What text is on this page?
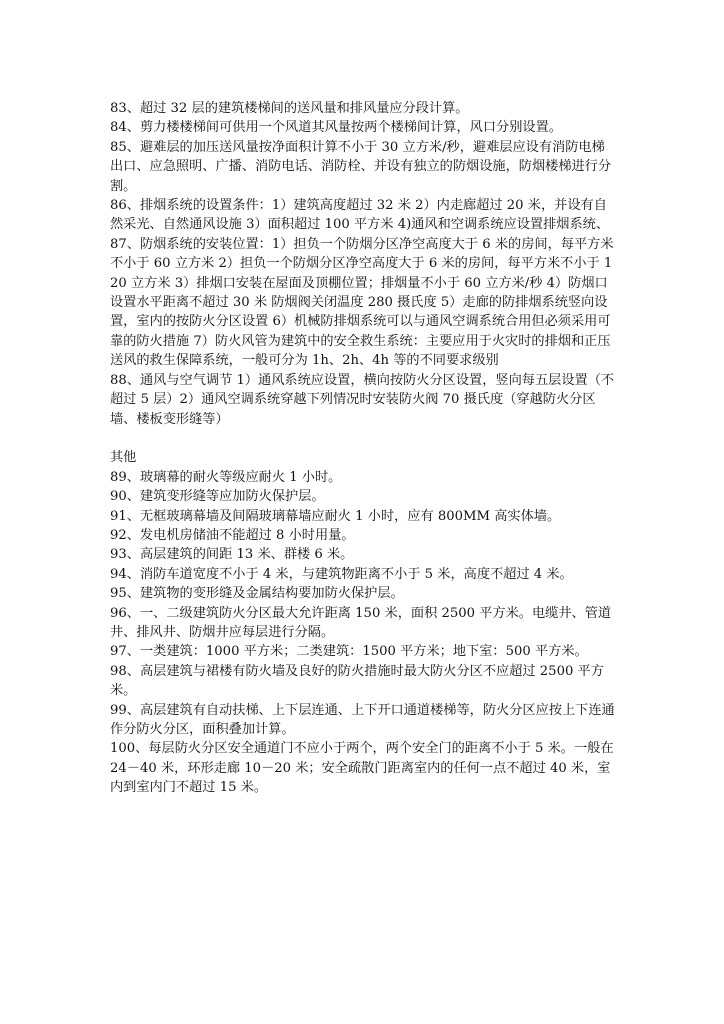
83、超过 32 层的建筑楼梯间的送风量和排风量应分段计算。

84、剪力楼楼梯间可供用一个风道其风量按两个楼梯间计算，风口分别设置。

85、避难层的加压送风量按净面积计算不小于 30 立方米/秒，避难层应设有消防电梯出口、应急照明、广播、消防电话、消防栓、并设有独立的防烟设施，防烟楼梯进行分割。

86、排烟系统的设置条件：1）建筑高度超过 32 米 2）内走廊超过 20 米，并设有自然采光、自然通风设施 3）面积超过 100 平方米 4)通风和空调系统应设置排烟系统、

87、防烟系统的安装位置：1）担负一个防烟分区净空高度大于 6 米的房间，每平方米不小于 60 立方米 2）担负一个防烟分区净空高度大于 6 米的房间，每平方米不小于 120 立方米 3）排烟口安装在屋面及顶棚位置；排烟量不小于 60 立方米/秒 4）防烟口设置水平距离不超过 30 米 防烟阀关闭温度 280 摄氏度 5）走廊的防排烟系统竖向设置，室内的按防火分区设置 6）机械防排烟系统可以与通风空调系统合用但必须采用可靠的防火措施 7）防火风管为建筑中的安全救生系统：主要应用于火灾时的排烟和正压送风的救生保障系统，一般可分为 1h、2h、4h 等的不同要求级别

88、通风与空气调节 1）通风系统应设置，横向按防火分区设置，竖向每五层设置（不超过 5 层）2）通风空调系统穿越下列情况时安装防火阀 70 摄氏度（穿越防火分区墙、楼板变形缝等）

其他

89、玻璃幕的耐火等级应耐火 1 小时。

90、建筑变形缝等应加防火保护层。

91、无框玻璃幕墙及间隔玻璃幕墙应耐火 1 小时，应有 800MM 高实体墙。

92、发电机房储油不能超过 8 小时用量。

93、高层建筑的间距 13 米、群楼 6 米。

94、消防车道宽度不小于 4 米，与建筑物距离不小于 5 米，高度不超过 4 米。

95、建筑物的变形缝及金属结构要加防火保护层。

96、一、二级建筑防火分区最大允许距离 150 米，面积 2500 平方米。电缆井、管道井、排风井、防烟井应每层进行分隔。

97、一类建筑：1000 平方米；二类建筑：1500 平方米；地下室：500 平方米。

98、高层建筑与裙楼有防火墙及良好的防火措施时最大防火分区不应超过 2500 平方米。

99、高层建筑有自动扶梯、上下层连通、上下开口通道楼梯等，防火分区应按上下连通作分防火分区，面积叠加计算。

100、每层防火分区安全通道门不应小于两个，两个安全门的距离不小于 5 米。一般在 24－40 米，环形走廊 10－20 米；安全疏散门距离室内的任何一点不超过 40 米，室内到室内门不超过 15 米。
